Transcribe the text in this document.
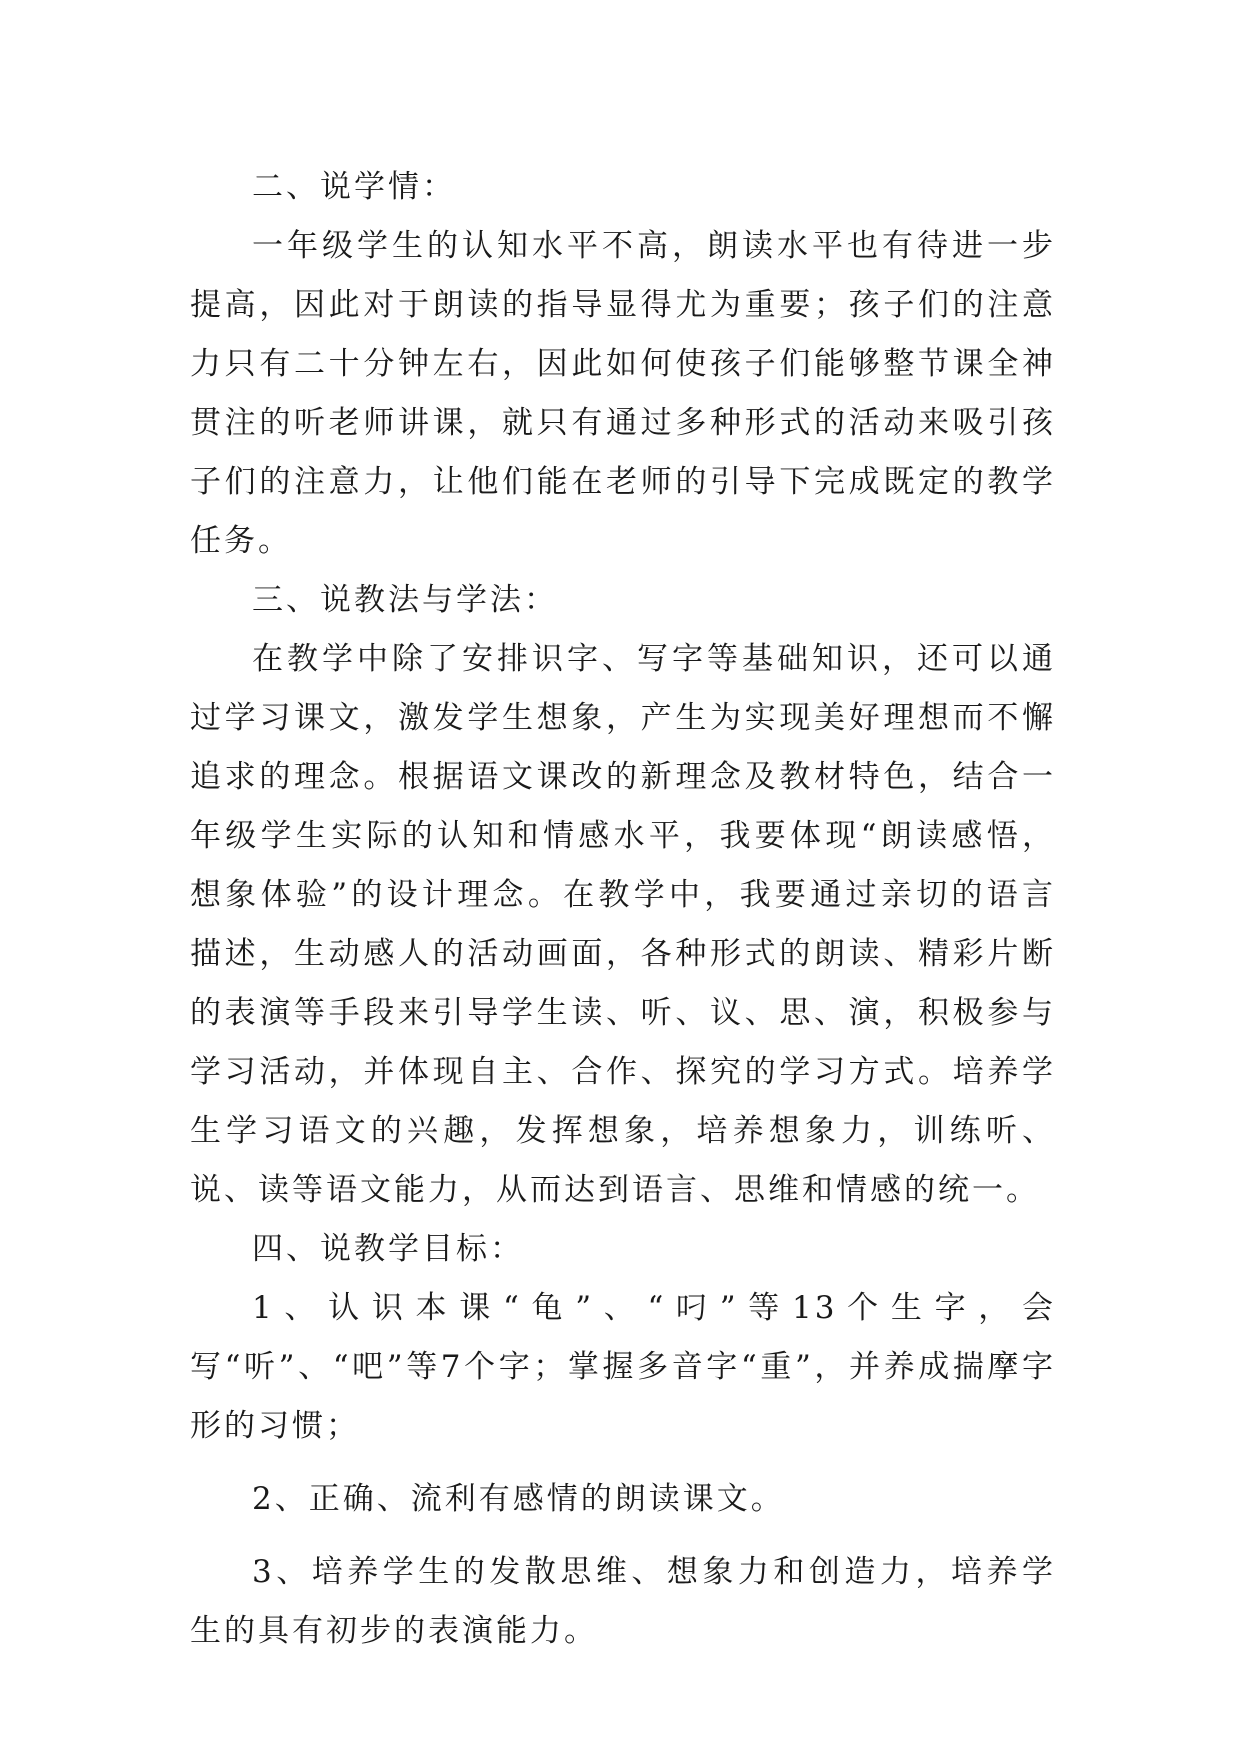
二、说学情：

一年级学生的认知水平不高，朗读水平也有待进一步提高，因此对于朗读的指导显得尤为重要；孩子们的注意力只有二十分钟左右，因此如何使孩子们能够整节课全神贯注的听老师讲课，就只有通过多种形式的活动来吸引孩子们的注意力，让他们能在老师的引导下完成既定的教学任务。

三、说教法与学法：

在教学中除了安排识字、写字等基础知识，还可以通过学习课文，激发学生想象，产生为实现美好理想而不懈追求的理念。根据语文课改的新理念及教材特色，结合一年级学生实际的认知和情感水平，我要体现“朗读感悟，想象体验”的设计理念。在教学中，我要通过亲切的语言描述，生动感人的活动画面，各种形式的朗读、精彩片断的表演等手段来引导学生读、听、议、思、演，积极参与学习活动，并体现自主、合作、探究的学习方式。培养学生学习语文的兴趣，发挥想象，培养想象力，训练听、说、读等语文能力，从而达到语言、思维和情感的统一。

四、说教学目标：

1、认识本课“龟”、“叼”等13个生字，会写“听”、“吧”等7个字；掌握多音字“重”，并养成揣摩字形的习惯；

2、正确、流利有感情的朗读课文。

3、培养学生的发散思维、想象力和创造力，培养学生的具有初步的表演能力。
